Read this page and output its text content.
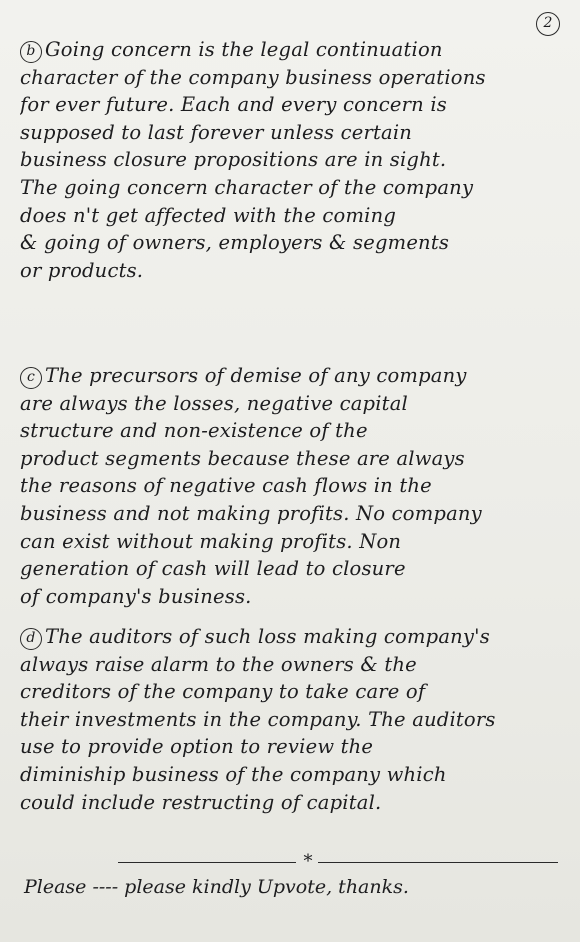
2
b Going concern is the legal continuation
character of the company business operations
for ever future. Each and every concern is
supposed to last forever unless certain
business closure propositions are in sight.
The going concern character of the company
does n't get affected with the coming
& going of owners, employers & segments
or products.
c The precursors of demise of any company
are always the losses, negative capital
structure and non-existence of the
product segments because these are always
the reasons of negative cash flows in the
business and not making profits. No company
can exist without making profits. Non
generation of cash will lead to closure
of company's business.
d The auditors of such loss making company's
always raise alarm to the owners & the
creditors of the company to take care of
their investments in the company. The auditors
use to provide option to review the
diminiship business of the company which
could include restructing of capital.
*
Please ---- please kindly Upvote, thanks.
